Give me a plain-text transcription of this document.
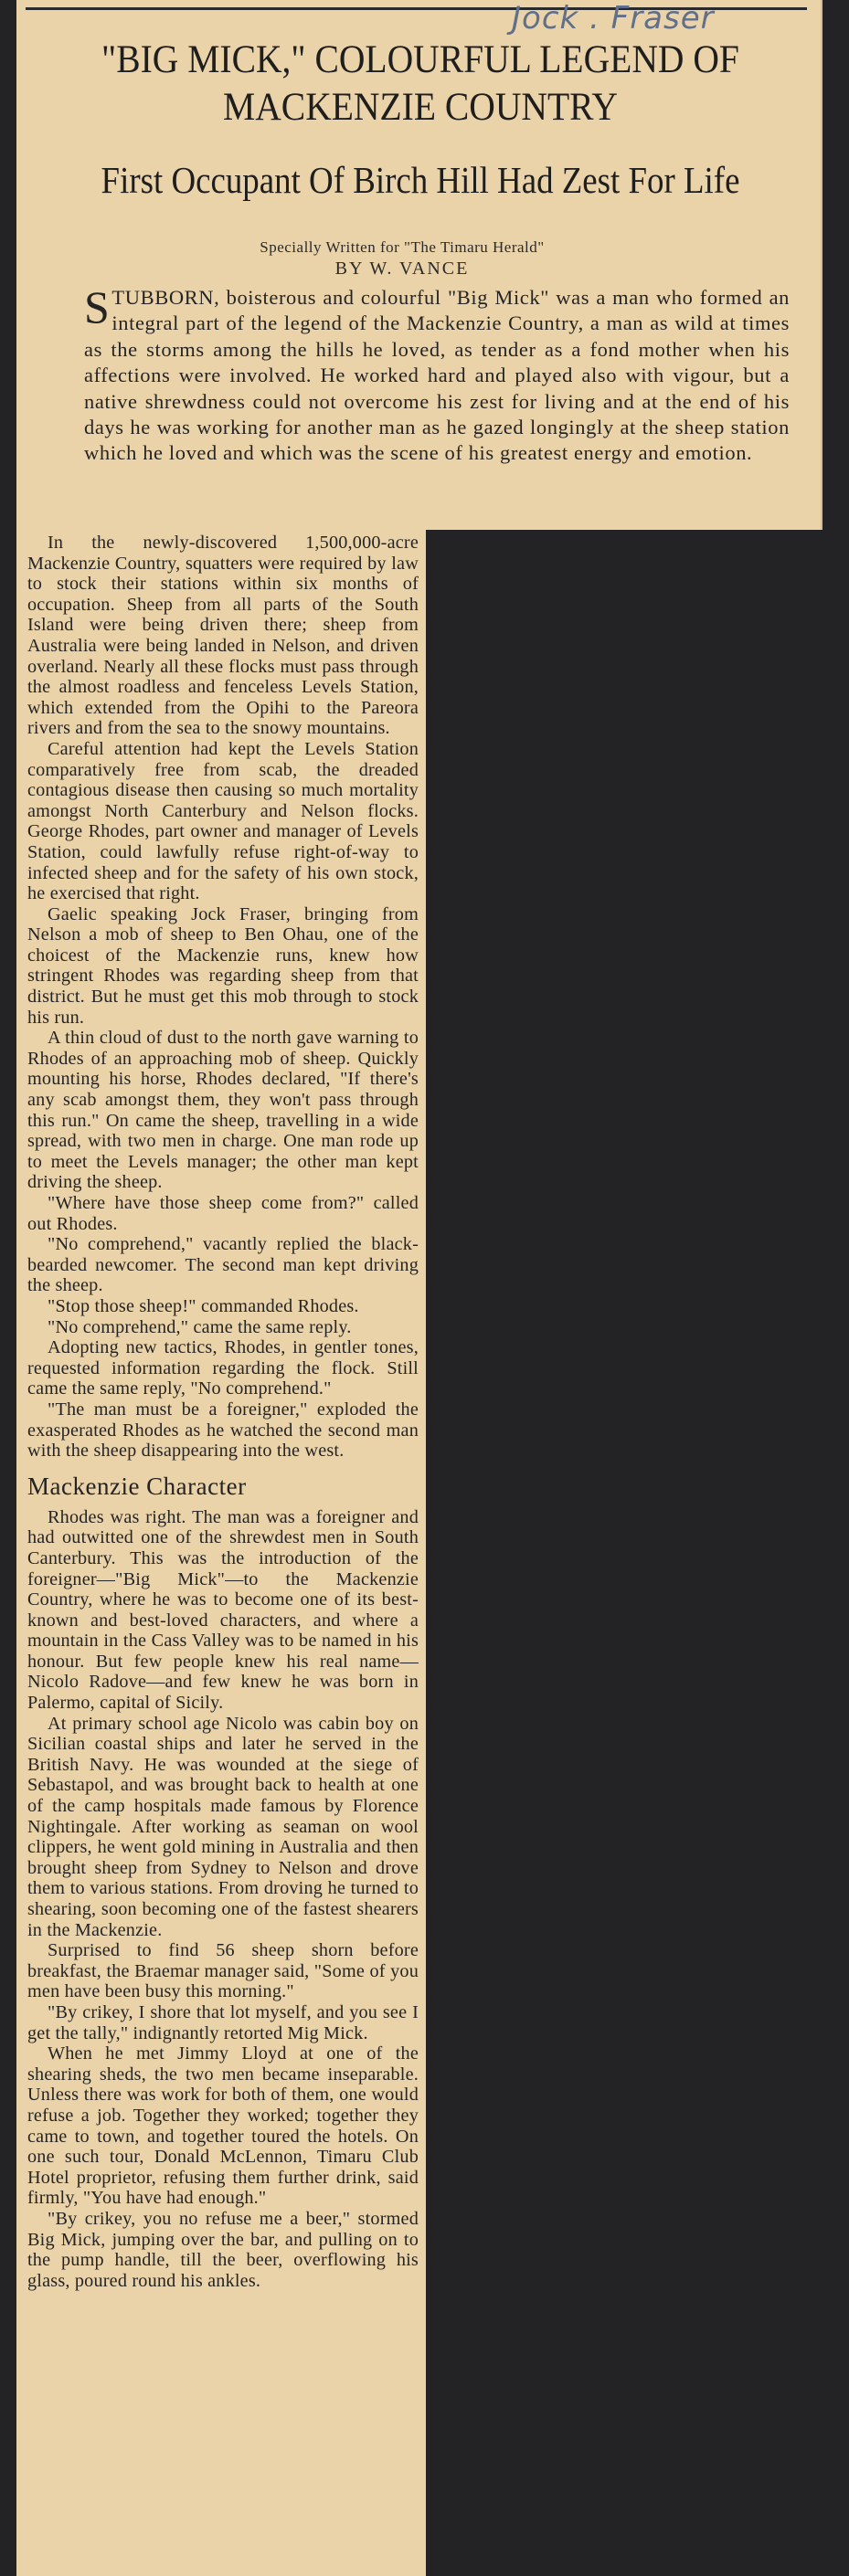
Jock . Fraser
"BIG MICK," COLOURFUL LEGEND OF MACKENZIE COUNTRY
First Occupant Of Birch Hill Had Zest For Life
Specially Written for "The Timaru Herald"
BY W. VANCE

STUBBORN, boisterous and colourful "Big Mick" was a man who formed an integral part of the legend of the Mackenzie Country, a man as wild at times as the storms among the hills he loved, as tender as a fond mother when his affections were involved. He worked hard and played also with vigour, but a native shrewdness could not overcome his zest for living and at the end of his days he was working for another man as he gazed longingly at the sheep station which he loved and which was the scene of his greatest energy and emotion.

In the newly-discovered 1,500,000-acre Mackenzie Country, squatters were required by law to stock their stations within six months of occupation. Sheep from all parts of the South Island were being driven there; sheep from Australia were being landed in Nelson, and driven overland. Nearly all these flocks must pass through the almost roadless and fenceless Levels Station, which extended from the Opihi to the Pareora rivers and from the sea to the snowy mountains.

Careful attention had kept the Levels Station comparatively free from scab, the dreaded contagious disease then causing so much mortality amongst North Canterbury and Nelson flocks. George Rhodes, part owner and manager of Levels Station, could lawfully refuse right-of-way to infected sheep and for the safety of his own stock, he exercised that right.

Gaelic speaking Jock Fraser, bringing from Nelson a mob of sheep to Ben Ohau, one of the choicest of the Mackenzie runs, knew how stringent Rhodes was regarding sheep from that district. But he must get this mob through to stock his run.

A thin cloud of dust to the north gave warning to Rhodes of an approaching mob of sheep. Quickly mounting his horse, Rhodes declared, "If there's any scab amongst them, they won't pass through this run." On came the sheep, travelling in a wide spread, with two men in charge. One man rode up to meet the Levels manager; the other man kept driving the sheep.

"Where have those sheep come from?" called out Rhodes.

"No comprehend," vacantly replied the black-bearded newcomer. The second man kept driving the sheep.

"Stop those sheep!" commanded Rhodes.

"No comprehend," came the same reply.

Adopting new tactics, Rhodes, in gentler tones, requested information regarding the flock. Still came the same reply, "No comprehend."

"The man must be a foreigner," exploded the exasperated Rhodes as he watched the second man with the sheep disappearing into the west.

Mackenzie Character

Rhodes was right. The man was a foreigner and had outwitted one of the shrewdest men in South Canterbury. This was the introduction of the foreigner—"Big Mick"—to the Mackenzie Country, where he was to become one of its best-known and best-loved characters, and where a mountain in the Cass Valley was to be named in his honour. But few people knew his real name—Nicolo Radove—and few knew he was born in Palermo, capital of Sicily.

At primary school age Nicolo was cabin boy on Sicilian coastal ships and later he served in the British Navy. He was wounded at the siege of Sebastapol, and was brought back to health at one of the camp hospitals made famous by Florence Nightingale. After working as seaman on wool clippers, he went gold mining in Australia and then brought sheep from Sydney to Nelson and drove them to various stations. From droving he turned to shearing, soon becoming one of the fastest shearers in the Mackenzie.

Surprised to find 56 sheep shorn before breakfast, the Braemar manager said, "Some of you men have been busy this morning."

"By crikey, I shore that lot myself, and you see I get the tally," indignantly retorted Mig Mick.

When he met Jimmy Lloyd at one of the shearing sheds, the two men became inseparable. Unless there was work for both of them, one would refuse a job. Together they worked; together they came to town, and together toured the hotels. On one such tour, Donald McLennon, Timaru Club Hotel proprietor, refusing them further drink, said firmly, "You have had enough."

"By crikey, you no refuse me a beer," stormed Big Mick, jumping over the bar, and pulling on to the pump handle, till the beer, overflowing his glass, poured round his ankles.
